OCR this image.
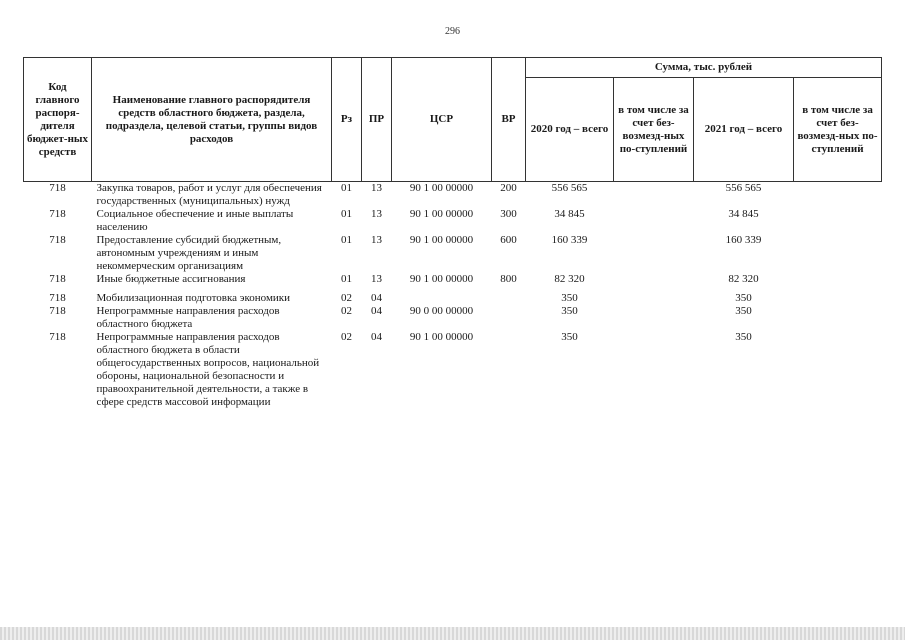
296
Код главного распоря-дителя бюджет-ных средств	Наименование главного распорядителя средств областного бюджета, раздела, подраздела, целевой статьи, группы видов расходов	Рз	ПР	ЦСР	ВР	Сумма, тыс. рублей			
						2020 год – всего	в том числе за счет без-возмезд-ных по-ступлений	2021 год – всего	в том числе за счет без-возмезд-ных по-ступлений
718	Закупка товаров, работ и услуг для обеспечения государственных (муниципальных) нужд	01	13	90 1 00 00000	200	556 565		556 565	
718	Социальное обеспечение и иные выплаты населению	01	13	90 1 00 00000	300	34 845		34 845	
718	Предоставление субсидий бюджетным, автономным учреждениям и иным некоммерческим организациям	01	13	90 1 00 00000	600	160 339		160 339	
718	Иные бюджетные ассигнования	01	13	90 1 00 00000	800	82 320		82 320	
718	Мобилизационная подготовка экономики	02	04			350		350	
718	Непрограммные направления расходов областного бюджета	02	04	90 0 00 00000		350		350	
718	Непрограммные направления расходов областного бюджета в области общегосударственных вопросов, национальной обороны, национальной безопасности и правоохранительной деятельности, а также в сфере средств массовой информации	02	04	90 1 00 00000		350		350	
